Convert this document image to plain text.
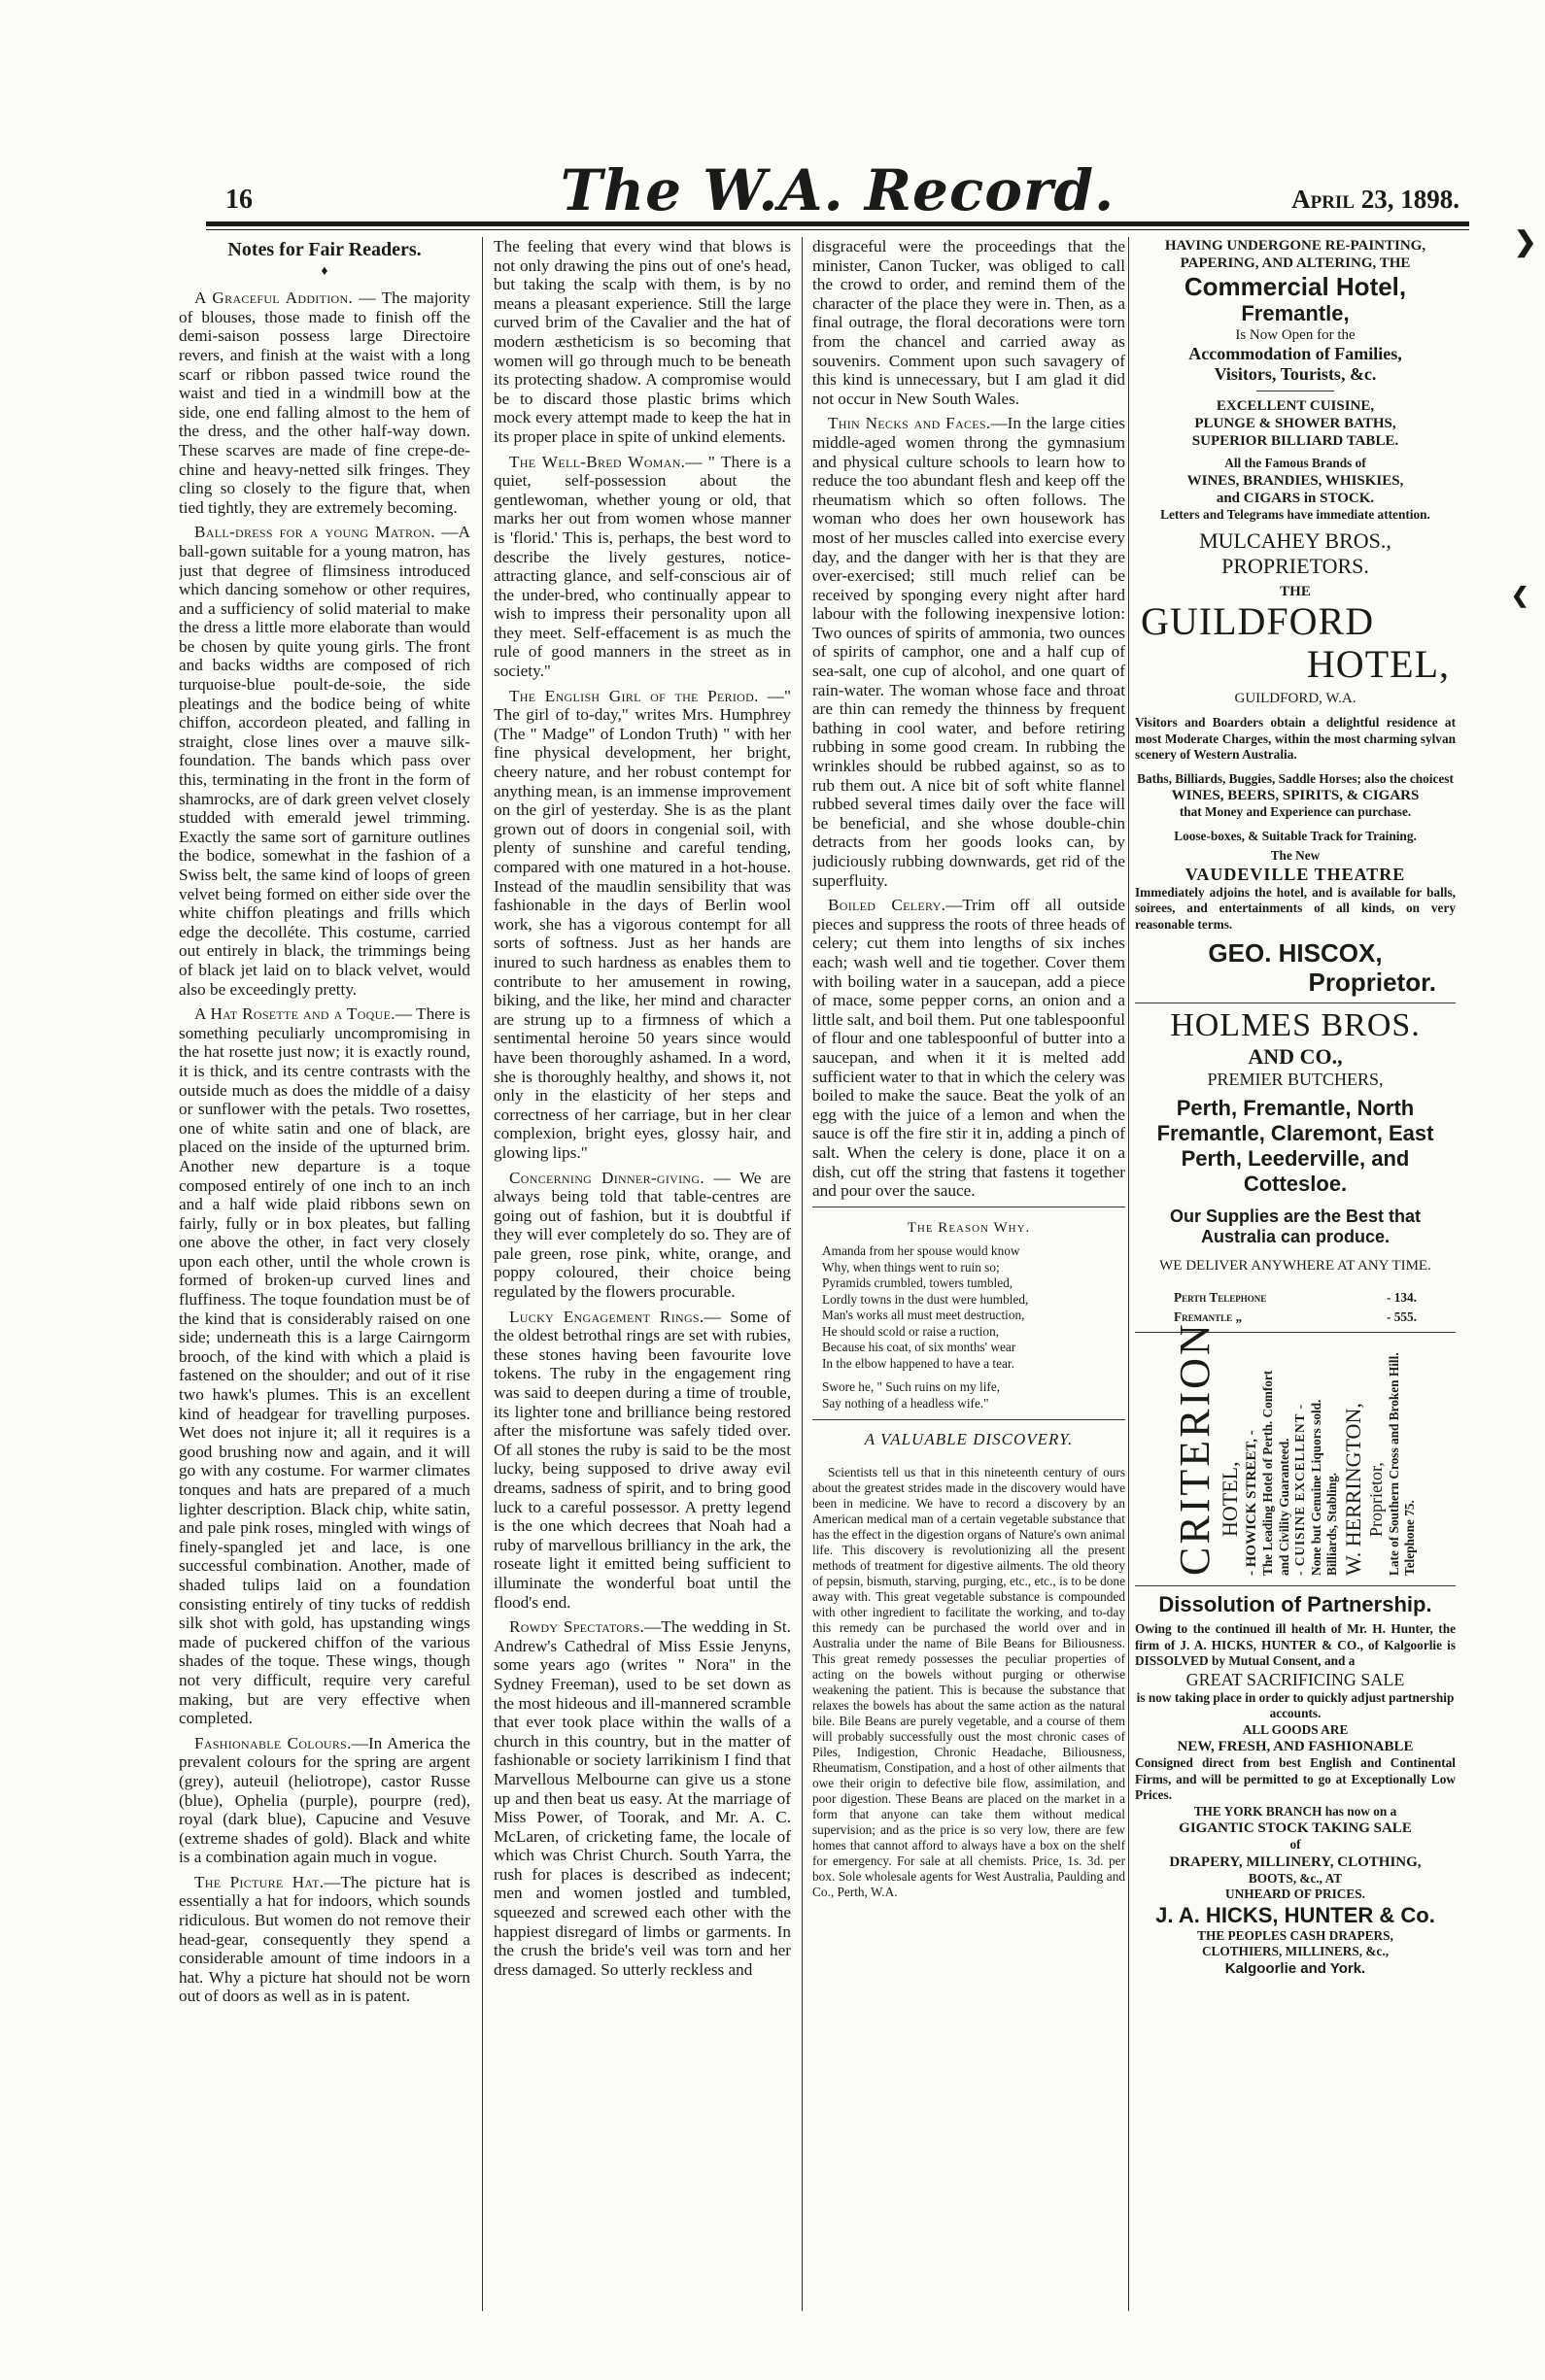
16	The W.A. Record.	April 23, 1898.
❯
❮
Notes for Fair Readers.
♦

A Graceful Addition. — The majority of blouses, those made to finish off the demi-saison possess large Directoire revers, and finish at the waist with a long scarf or ribbon passed twice round the waist and tied in a windmill bow at the side, one end falling almost to the hem of the dress, and the other half-way down. These scarves are made of fine crepe-de-chine and heavy-netted silk fringes. They cling so closely to the figure that, when tied tightly, they are extremely becoming.

Ball-dress for a young Matron. —A ball-gown suitable for a young matron, has just that degree of flimsiness introduced which dancing somehow or other requires, and a sufficiency of solid material to make the dress a little more elaborate than would be chosen by quite young girls. The front and backs widths are composed of rich turquoise-blue poult-de-soie, the side pleatings and the bodice being of white chiffon, accordeon pleated, and falling in straight, close lines over a mauve silk-foundation. The bands which pass over this, terminating in the front in the form of shamrocks, are of dark green velvet closely studded with emerald jewel trimming. Exactly the same sort of garniture outlines the bodice, somewhat in the fashion of a Swiss belt, the same kind of loops of green velvet being formed on either side over the white chiffon pleatings and frills which edge the decolléte. This costume, carried out entirely in black, the trimmings being of black jet laid on to black velvet, would also be exceedingly pretty.

A Hat Rosette and a Toque.— There is something peculiarly uncompromising in the hat rosette just now; it is exactly round, it is thick, and its centre contrasts with the outside much as does the middle of a daisy or sunflower with the petals. Two rosettes, one of white satin and one of black, are placed on the inside of the upturned brim. Another new departure is a toque composed entirely of one inch to an inch and a half wide plaid ribbons sewn on fairly, fully or in box pleates, but falling one above the other, in fact very closely upon each other, until the whole crown is formed of broken-up curved lines and fluffiness. The toque foundation must be of the kind that is considerably raised on one side; underneath this is a large Cairngorm brooch, of the kind with which a plaid is fastened on the shoulder; and out of it rise two hawk's plumes. This is an excellent kind of headgear for travelling purposes. Wet does not injure it; all it requires is a good brushing now and again, and it will go with any costume. For warmer climates tonques and hats are prepared of a much lighter description. Black chip, white satin, and pale pink roses, mingled with wings of finely-spangled jet and lace, is one successful combination. Another, made of shaded tulips laid on a foundation consisting entirely of tiny tucks of reddish silk shot with gold, has upstanding wings made of puckered chiffon of the various shades of the toque. These wings, though not very difficult, require very careful making, but are very effective when completed.

Fashionable Colours.—In America the prevalent colours for the spring are argent (grey), auteuil (heliotrope), castor Russe (blue), Ophelia (purple), pourpre (red), royal (dark blue), Capucine and Vesuve (extreme shades of gold). Black and white is a combination again much in vogue.

The Picture Hat.—The picture hat is essentially a hat for indoors, which sounds ridiculous. But women do not remove their head-gear, consequently they spend a considerable amount of time indoors in a hat. Why a picture hat should not be worn out of doors as well as in is patent.

The feeling that every wind that blows is not only drawing the pins out of one's head, but taking the scalp with them, is by no means a pleasant experience. Still the large curved brim of the Cavalier and the hat of modern æstheticism is so becoming that women will go through much to be beneath its protecting shadow. A compromise would be to discard those plastic brims which mock every attempt made to keep the hat in its proper place in spite of unkind elements.

The Well-Bred Woman.— " There is a quiet, self-possession about the gentlewoman, whether young or old, that marks her out from women whose manner is 'florid.' This is, perhaps, the best word to describe the lively gestures, notice-attracting glance, and self-conscious air of the under-bred, who continually appear to wish to impress their personality upon all they meet. Self-effacement is as much the rule of good manners in the street as in society."

The English Girl of the Period. —" The girl of to-day," writes Mrs. Humphrey (The " Madge" of London Truth) " with her fine physical development, her bright, cheery nature, and her robust contempt for anything mean, is an immense improvement on the girl of yesterday. She is as the plant grown out of doors in congenial soil, with plenty of sunshine and careful tending, compared with one matured in a hot-house. Instead of the maudlin sensibility that was fashionable in the days of Berlin wool work, she has a vigorous contempt for all sorts of softness. Just as her hands are inured to such hardness as enables them to contribute to her amusement in rowing, biking, and the like, her mind and character are strung up to a firmness of which a sentimental heroine 50 years since would have been thoroughly ashamed. In a word, she is thoroughly healthy, and shows it, not only in the elasticity of her steps and correctness of her carriage, but in her clear complexion, bright eyes, glossy hair, and glowing lips."

Concerning Dinner-giving. — We are always being told that table-centres are going out of fashion, but it is doubtful if they will ever completely do so. They are of pale green, rose pink, white, orange, and poppy coloured, their choice being regulated by the flowers procurable.

Lucky Engagement Rings.— Some of the oldest betrothal rings are set with rubies, these stones having been favourite love tokens. The ruby in the engagement ring was said to deepen during a time of trouble, its lighter tone and brilliance being restored after the misfortune was safely tided over. Of all stones the ruby is said to be the most lucky, being supposed to drive away evil dreams, sadness of spirit, and to bring good luck to a careful possessor. A pretty legend is the one which decrees that Noah had a ruby of marvellous brilliancy in the ark, the roseate light it emitted being sufficient to illuminate the wonderful boat until the flood's end.

Rowdy Spectators.—The wedding in St. Andrew's Cathedral of Miss Essie Jenyns, some years ago (writes " Nora" in the Sydney Freeman), used to be set down as the most hideous and ill-mannered scramble that ever took place within the walls of a church in this country, but in the matter of fashionable or society larrikinism I find that Marvellous Melbourne can give us a stone up and then beat us easy. At the marriage of Miss Power, of Toorak, and Mr. A. C. McLaren, of cricketing fame, the locale of which was Christ Church. South Yarra, the rush for places is described as indecent; men and women jostled and tumbled, squeezed and screwed each other with the happiest disregard of limbs or garments. In the crush the bride's veil was torn and her dress damaged. So utterly reckless and

disgraceful were the proceedings that the minister, Canon Tucker, was obliged to call the crowd to order, and remind them of the character of the place they were in. Then, as a final outrage, the floral decorations were torn from the chancel and carried away as souvenirs. Comment upon such savagery of this kind is unnecessary, but I am glad it did not occur in New South Wales.

Thin Necks and Faces.—In the large cities middle-aged women throng the gymnasium and physical culture schools to learn how to reduce the too abundant flesh and keep off the rheumatism which so often follows. The woman who does her own housework has most of her muscles called into exercise every day, and the danger with her is that they are over-exercised; still much relief can be received by sponging every night after hard labour with the following inexpensive lotion: Two ounces of spirits of ammonia, two ounces of spirits of camphor, one and a half cup of sea-salt, one cup of alcohol, and one quart of rain-water. The woman whose face and throat are thin can remedy the thinness by frequent bathing in cool water, and before retiring rubbing in some good cream. In rubbing the wrinkles should be rubbed against, so as to rub them out. A nice bit of soft white flannel rubbed several times daily over the face will be beneficial, and she whose double-chin detracts from her goods looks can, by judiciously rubbing downwards, get rid of the superfluity.

Boiled Celery.—Trim off all outside pieces and suppress the roots of three heads of celery; cut them into lengths of six inches each; wash well and tie together. Cover them with boiling water in a saucepan, add a piece of mace, some pepper corns, an onion and a little salt, and boil them. Put one tablespoonful of flour and one tablespoonful of butter into a saucepan, and when it it is melted add sufficient water to that in which the celery was boiled to make the sauce. Beat the yolk of an egg with the juice of a lemon and when the sauce is off the fire stir it in, adding a pinch of salt. When the celery is done, place it on a dish, cut off the string that fastens it together and pour over the sauce.

The Reason Why.
Amanda from her spouse would know
Why, when things went to ruin so;
Pyramids crumbled, towers tumbled,
Lordly towns in the dust were humbled,
Man's works all must meet destruction,
He should scold or raise a ruction,
Because his coat, of six months' wear
In the elbow happened to have a tear.
Swore he, " Such ruins on my life,
Say nothing of a headless wife."
A VALUABLE DISCOVERY.

Scientists tell us that in this nineteenth century of ours about the greatest strides made in the discovery would have been in medicine. We have to record a discovery by an American medical man of a certain vegetable substance that has the effect in the digestion organs of Nature's own animal life. This discovery is revolutionizing all the present methods of treatment for digestive ailments. The old theory of pepsin, bismuth, starving, purging, etc., etc., is to be done away with. This great vegetable substance is compounded with other ingredient to facilitate the working, and to-day this remedy can be purchased the world over and in Australia under the name of Bile Beans for Biliousness. This great remedy possesses the peculiar properties of acting on the bowels without purging or otherwise weakening the patient. This is because the substance that relaxes the bowels has about the same action as the natural bile. Bile Beans are purely vegetable, and a course of them will probably successfully oust the most chronic cases of Piles, Indigestion, Chronic Headache, Biliousness, Rheumatism, Constipation, and a host of other ailments that owe their origin to defective bile flow, assimilation, and poor digestion. These Beans are placed on the market in a form that anyone can take them without medical supervision; and as the price is so very low, there are few homes that cannot afford to always have a box on the shelf for emergency. For sale at all chemists. Price, 1s. 3d. per box. Sole wholesale agents for West Australia, Paulding and Co., Perth, W.A.

HAVING UNDERGONE RE-PAINTING,
PAPERING, AND ALTERING, THE
Commercial Hotel,
Fremantle,
Is Now Open for the
Accommodation of Families,
Visitors, Tourists, &c.
EXCELLENT CUISINE,
PLUNGE & SHOWER BATHS,
SUPERIOR BILLIARD TABLE.
All the Famous Brands of
WINES, BRANDIES, WHISKIES,
and CIGARS in STOCK.
Letters and Telegrams have immediate attention.
MULCAHEY BROS.,
PROPRIETORS.
THE
GUILDFORD
HOTEL,
GUILDFORD, W.A.
Visitors and Boarders obtain a delightful residence at most Moderate Charges, within the most charming sylvan scenery of Western Australia.
Baths, Billiards, Buggies, Saddle Horses; also the choicest
WINES, BEERS, SPIRITS, & CIGARS
that Money and Experience can purchase.
Loose-boxes, & Suitable Track for Training.
The New
VAUDEVILLE THEATRE
Immediately adjoins the hotel, and is available for balls, soirees, and entertainments of all kinds, on very reasonable terms.
GEO. HISCOX,
Proprietor.
HOLMES BROS.
AND CO.,
PREMIER BUTCHERS,
Perth, Fremantle, North Fremantle, Claremont, East Perth, Leederville, and Cottesloe.
Our Supplies are the Best that Australia can produce.
WE DELIVER ANYWHERE AT ANY TIME.
Perth Telephone	- 134.
Fremantle „	- 555.
CRITERION HOTEL, - HOWICK STREET, - The Leading Hotel of Perth. Comfort and Civility Guaranteed. - CUISINE EXCELLENT - None but Genuine Liquors sold. Billiards, Stabling. W. HERRINGTON, Proprietor, Late of Southern Cross and Broken Hill. Telephone 75.
Dissolution of Partnership.
Owing to the continued ill health of Mr. H. Hunter, the firm of J. A. HICKS, HUNTER & CO., of Kalgoorlie is DISSOLVED by Mutual Consent, and a
GREAT SACRIFICING SALE
is now taking place in order to quickly adjust partnership accounts.
ALL GOODS ARE
NEW, FRESH, AND FASHIONABLE
Consigned direct from best English and Continental Firms, and will be permitted to go at Exceptionally Low Prices.
THE YORK BRANCH has now on a
GIGANTIC STOCK TAKING SALE
of
DRAPERY, MILLINERY, CLOTHING,
BOOTS, &c., AT
UNHEARD OF PRICES.
J. A. HICKS, HUNTER & Co.
THE PEOPLES CASH DRAPERS,
CLOTHIERS, MILLINERS, &c.,
Kalgoorlie and York.
